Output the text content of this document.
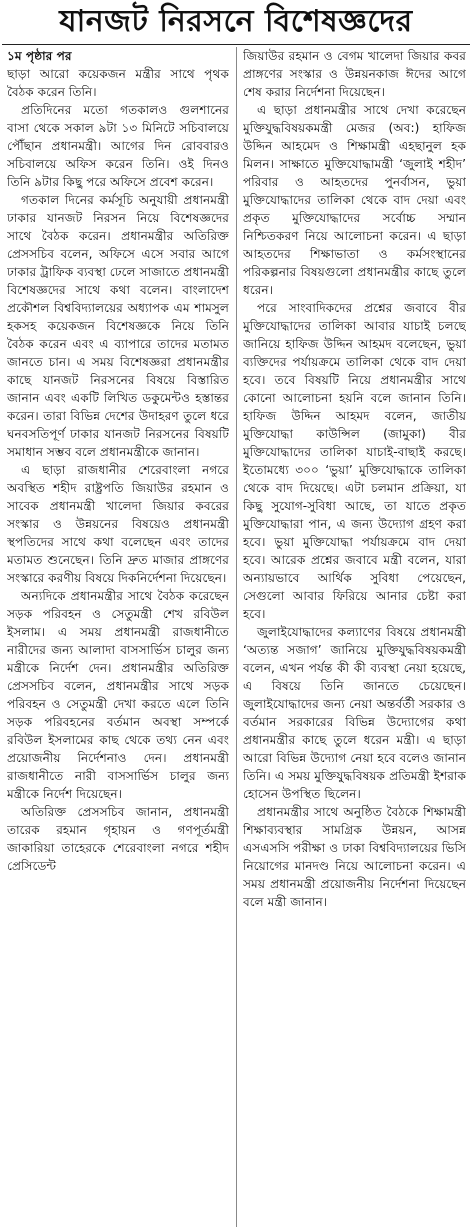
যানজট নিরসনে বিশেষজ্ঞদের
১ম পৃষ্ঠার পর

ছাড়া আরো কয়েকজন মন্ত্রীর সাথে পৃথক বৈঠক করেন তিনি।

প্রতিদিনের মতো গতকালও গুলশানের বাসা থেকে সকাল ৯টা ১৩ মিনিটে সচিবালয়ে পৌঁছান প্রধানমন্ত্রী। আগের দিন রোববারও সচিবালয়ে অফিস করেন তিনি। ওই দিনও তিনি ৯টার কিছু পরে অফিসে প্রবেশ করেন।

গতকাল দিনের কর্মসূচি অনুযায়ী প্রধানমন্ত্রী ঢাকার যানজট নিরসন নিয়ে বিশেষজ্ঞদের সাথে বৈঠক করেন। প্রধানমন্ত্রীর অতিরিক্ত প্রেসসচিব বলেন, অফিসে এসে সবার আগে ঢাকার ট্রাফিক ব্যবস্থা ঢেলে সাজাতে প্রধানমন্ত্রী বিশেষজ্ঞদের সাথে কথা বলেন। বাংলাদেশ প্রকৌশল বিশ্ববিদ্যালয়ের অধ্যাপক এম শামসুল হকসহ কয়েকজন বিশেষজ্ঞকে নিয়ে তিনি বৈঠক করেন এবং এ ব্যাপারে তাদের মতামত জানতে চান। এ সময় বিশেষজ্ঞরা প্রধানমন্ত্রীর কাছে যানজট নিরসনের বিষয়ে বিস্তারিত জানান এবং একটি লিখিত ডকুমেন্টও হস্তান্তর করেন। তারা বিভিন্ন দেশের উদাহরণ তুলে ধরে ঘনবসতিপূর্ণ ঢাকার যানজট নিরসনের বিষয়টি সমাধান সম্ভব বলে প্রধানমন্ত্রীকে জানান।

এ ছাড়া রাজধানীর শেরেবাংলা নগরে অবস্থিত শহীদ রাষ্ট্রপতি জিয়াউর রহমান ও সাবেক প্রধানমন্ত্রী খালেদা জিয়ার কবরের সংস্কার ও উন্নয়নের বিষয়েও প্রধানমন্ত্রী স্থপতিদের সাথে কথা বলেছেন এবং তাদের মতামত শুনেছেন। তিনি দ্রুত মাজার প্রাঙ্গণের সংস্কারে করণীয় বিষয়ে দিকনির্দেশনা দিয়েছেন।

অন্যদিকে প্রধানমন্ত্রীর সাথে বৈঠক করেছেন সড়ক পরিবহন ও সেতুমন্ত্রী শেখ রবিউল ইসলাম। এ সময় প্রধানমন্ত্রী রাজধানীতে নারীদের জন্য আলাদা বাসসার্ভিস চালুর জন্য মন্ত্রীকে নির্দেশ দেন। প্রধানমন্ত্রীর অতিরিক্ত প্রেসসচিব বলেন, প্রধানমন্ত্রীর সাথে সড়ক পরিবহন ও সেতুমন্ত্রী দেখা করতে এলে তিনি সড়ক পরিবহনের বর্তমান অবস্থা সম্পর্কে রবিউল ইসলামের কাছ থেকে তথ্য নেন এবং প্রয়োজনীয় নির্দেশনাও দেন। প্রধানমন্ত্রী রাজধানীতে নারী বাসসার্ভিস চালুর জন্য মন্ত্রীকে নির্দেশ দিয়েছেন।

অতিরিক্ত প্রেসসচিব জানান, প্রধানমন্ত্রী তারেক রহমান গৃহায়ন ও গণপূর্তমন্ত্রী জাকারিয়া তাহেরকে শেরেবাংলা নগরে শহীদ প্রেসিডেন্ট

জিয়াউর রহমান ও বেগম খালেদা জিয়ার কবর প্রাঙ্গণের সংস্কার ও উন্নয়নকাজ ঈদের আগে শেষ করার নির্দেশনা দিয়েছেন।

এ ছাড়া প্রধানমন্ত্রীর সাথে দেখা করেছেন মুক্তিযুদ্ধবিষয়কমন্ত্রী মেজর (অব:) হাফিজ উদ্দিন আহমেদ ও শিক্ষামন্ত্রী এহছানুল হক মিলন। সাক্ষাতে মুক্তিযোদ্ধামন্ত্রী ‘জুলাই শহীদ’ পরিবার ও আহতদের পুনর্বাসন, ভুয়া মুক্তিযোদ্ধাদের তালিকা থেকে বাদ দেয়া এবং প্রকৃত মুক্তিযোদ্ধাদের সর্বোচ্চ সম্মান নিশ্চিতকরণ নিয়ে আলোচনা করেন। এ ছাড়া আহতদের শিক্ষাভাতা ও কর্মসংস্থানের পরিকল্পনার বিষয়গুলো প্রধানমন্ত্রীর কাছে তুলে ধরেন।

পরে সাংবাদিকদের প্রশ্নের জবাবে বীর মুক্তিযোদ্ধাদের তালিকা আবার যাচাই চলছে জানিয়ে হাফিজ উদ্দিন আহমদ বলেছেন, ভুয়া ব্যক্তিদের পর্যায়ক্রমে তালিকা থেকে বাদ দেয়া হবে। তবে বিষয়টি নিয়ে প্রধানমন্ত্রীর সাথে কোনো আলোচনা হয়নি বলে জানান তিনি। হাফিজ উদ্দিন আহমদ বলেন, জাতীয় মুক্তিযোদ্ধা কাউন্সিল (জামুকা) বীর মুক্তিযোদ্ধাদের তালিকা যাচাই-বাছাই করছে। ইতোমধ্যে ৩০০ ‘ভুয়া’ মুক্তিযোদ্ধাকে তালিকা থেকে বাদ দিয়েছে। এটা চলমান প্রক্রিয়া, যা কিছু সুযোগ-সুবিধা আছে, তা যাতে প্রকৃত মুক্তিযোদ্ধারা পান, এ জন্য উদ্যোগ গ্রহণ করা হবে। ভুয়া মুক্তিযোদ্ধা পর্যায়ক্রমে বাদ দেয়া হবে। আরেক প্রশ্নের জবাবে মন্ত্রী বলেন, যারা অন্যায়ভাবে আর্থিক সুবিধা পেয়েছেন, সেগুলো আবার ফিরিয়ে আনার চেষ্টা করা হবে।

জুলাইযোদ্ধাদের কল্যাণের বিষয়ে প্রধানমন্ত্রী ‘অত্যন্ত সজাগ’ জানিয়ে মুক্তিযুদ্ধবিষয়কমন্ত্রী বলেন, এখন পর্যন্ত কী কী ব্যবস্থা নেয়া হয়েছে, এ বিষয়ে তিনি জানতে চেয়েছেন। জুলাইযোদ্ধাদের জন্য নেয়া অন্তর্বর্তী সরকার ও বর্তমান সরকারের বিভিন্ন উদ্যোগের কথা প্রধানমন্ত্রীর কাছে তুলে ধরেন মন্ত্রী। এ ছাড়া আরো বিভিন্ন উদ্যোগ নেয়া হবে বলেও জানান তিনি। এ সময় মুক্তিযুদ্ধবিষয়ক প্রতিমন্ত্রী ইশরাক হোসেন উপস্থিত ছিলেন।

প্রধানমন্ত্রীর সাথে অনুষ্ঠিত বৈঠকে শিক্ষামন্ত্রী শিক্ষাব্যবস্থার সামগ্রিক উন্নয়ন, আসন্ন এসএসসি পরীক্ষা ও ঢাকা বিশ্ববিদ্যালয়ের ভিসি নিয়োগের মানদণ্ড নিয়ে আলোচনা করেন। এ সময় প্রধানমন্ত্রী প্রয়োজনীয় নির্দেশনা দিয়েছেন বলে মন্ত্রী জানান।
